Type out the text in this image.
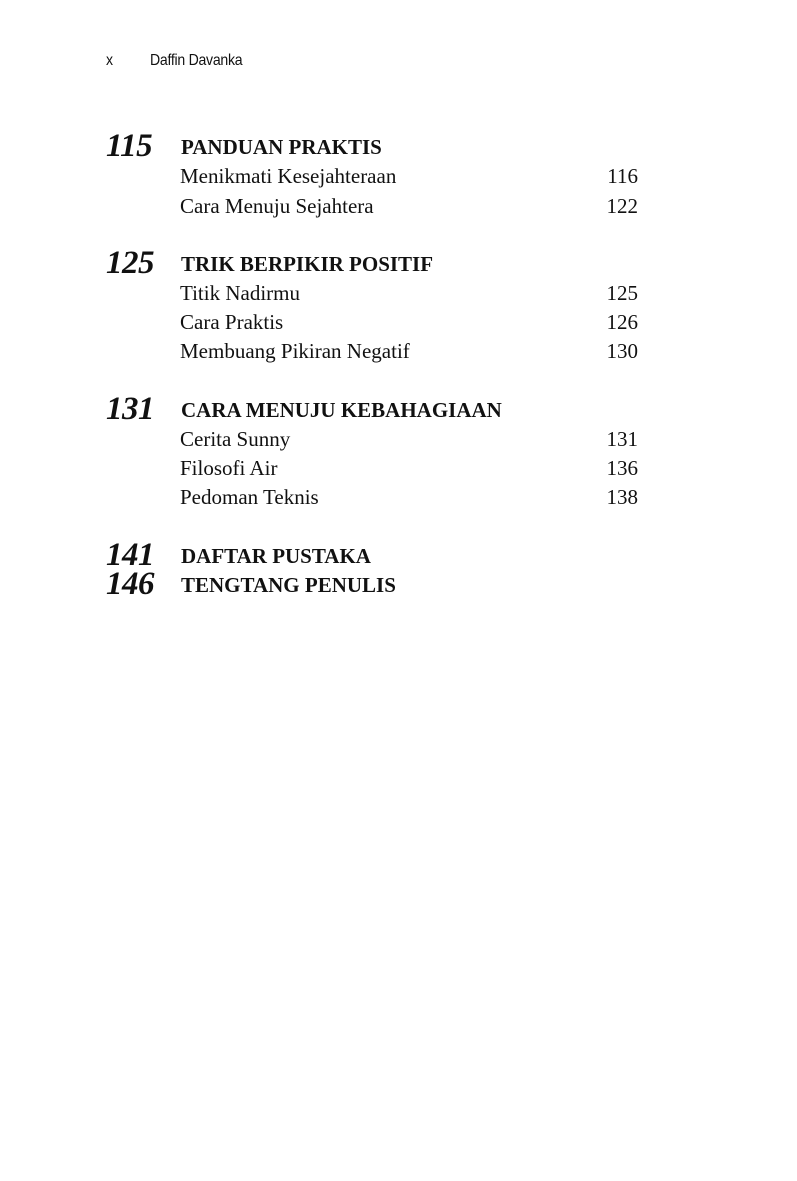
x Daffin Davanka
115 PANDUAN PRAKTIS
Menikmati Kesejahteraan	116
Cara Menuju Sejahtera	122
125 TRIK BERPIKIR POSITIF
Titik Nadirmu	125
Cara Praktis	126
Membuang Pikiran Negatif	130
131 CARA MENUJU KEBAHAGIAAN
Cerita Sunny	131
Filosofi Air	136
Pedoman Teknis	138
141 DAFTAR PUSTAKA
146 TENGTANG PENULIS
